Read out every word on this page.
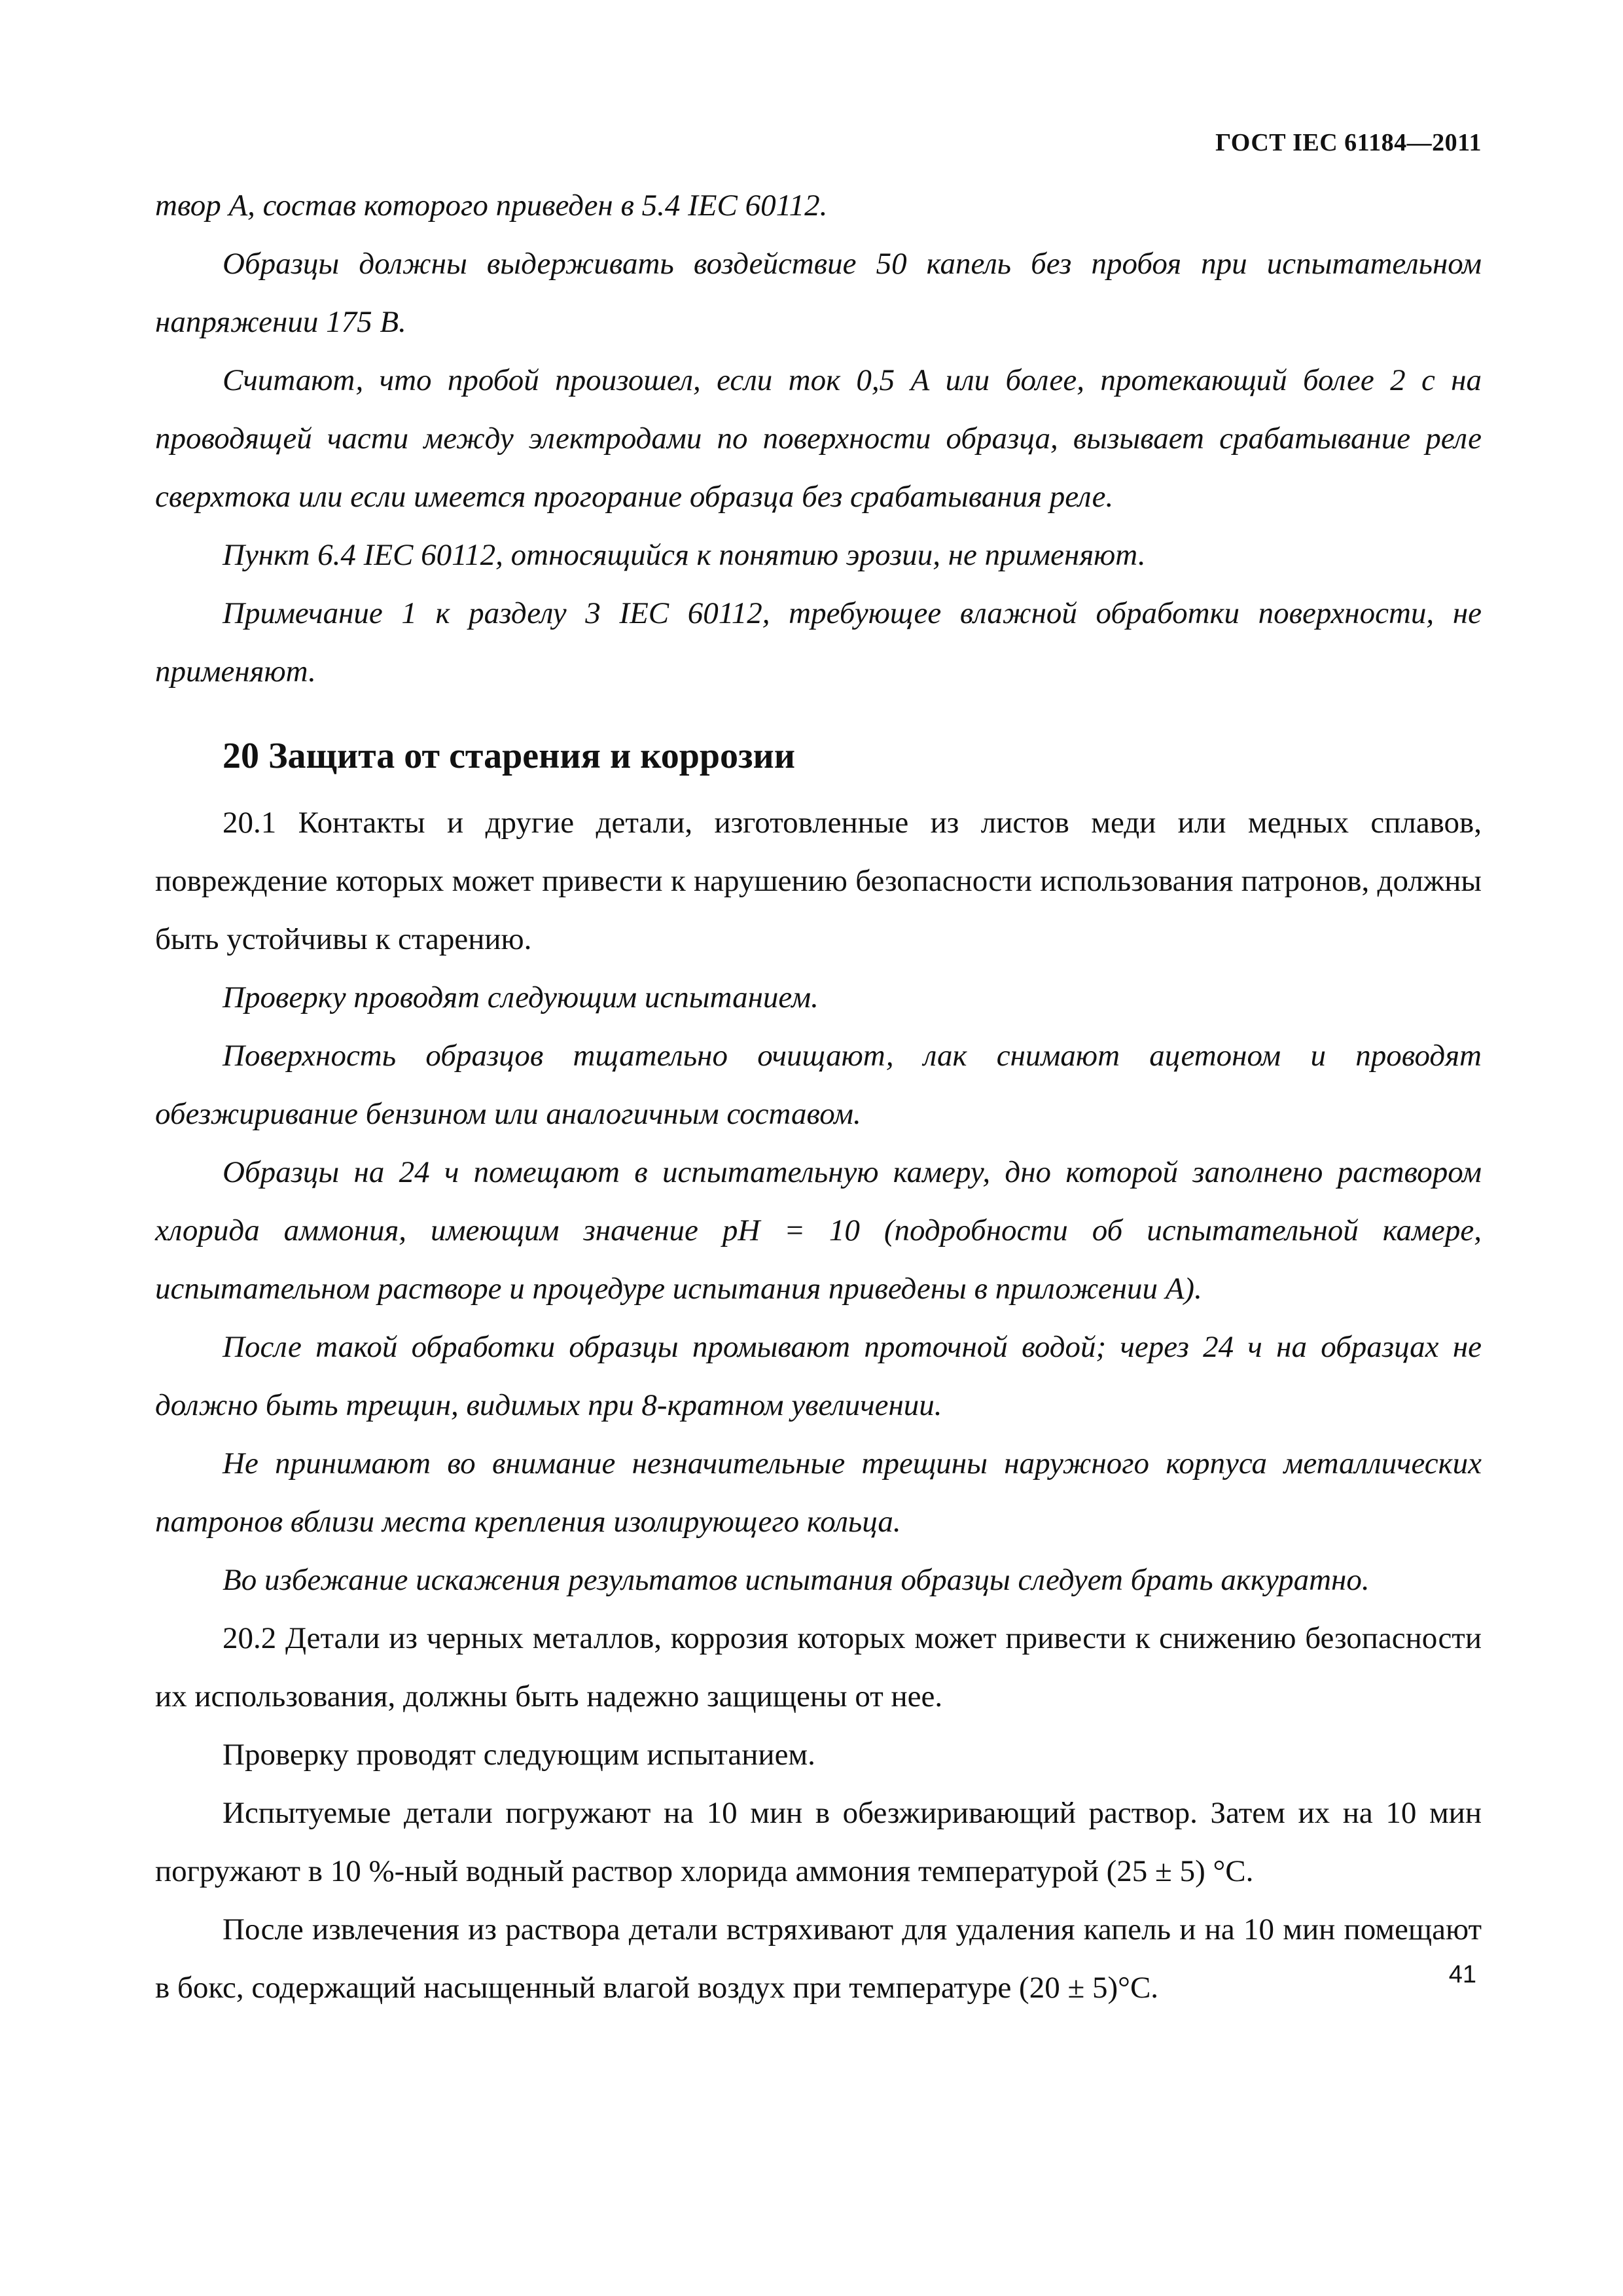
ГОСТ IEC 61184—2011

твор А, состав которого приведен в 5.4 IEC 60112.

Образцы должны выдерживать воздействие 50 капель без пробоя при испытательном напряжении 175 В.

Считают, что пробой произошел, если ток 0,5 А или более, протекающий более 2 с на проводящей части между электродами по поверхности образца, вызывает срабатывание реле сверхтока или если имеется прогорание образца без срабатывания реле.

Пункт 6.4 IEC 60112, относящийся к понятию эрозии, не применяют.

Примечание 1 к разделу 3 IEC 60112, требующее влажной обработки поверхности, не применяют.

20 Защита от старения и коррозии

20.1 Контакты и другие детали, изготовленные из листов меди или медных сплавов, повреждение которых может привести к нарушению безопасности использования патронов, должны быть устойчивы к старению.

Проверку проводят следующим испытанием.

Поверхность образцов тщательно очищают, лак снимают ацетоном и проводят обезжиривание бензином или аналогичным составом.

Образцы на 24 ч помещают в испытательную камеру, дно которой заполнено раствором хлорида аммония, имеющим значение pH = 10 (подробности об испытательной камере, испытательном растворе и процедуре испытания приведены в приложении А).

После такой обработки образцы промывают проточной водой; через 24 ч на образцах не должно быть трещин, видимых при 8-кратном увеличении.

Не принимают во внимание незначительные трещины наружного корпуса металлических патронов вблизи места крепления изолирующего кольца.

Во избежание искажения результатов испытания образцы следует брать аккуратно.

20.2 Детали из черных металлов, коррозия которых может привести к снижению безопасности их использования, должны быть надежно защищены от нее.

Проверку проводят следующим испытанием.

Испытуемые детали погружают на 10 мин в обезжиривающий раствор. Затем их на 10 мин погружают в 10 %-ный водный раствор хлорида аммония температурой (25 ± 5) °С.

После извлечения из раствора детали встряхивают для удаления капель и на 10 мин помещают в бокс, содержащий насыщенный влагой воздух при температуре (20 ± 5)°С.	41
